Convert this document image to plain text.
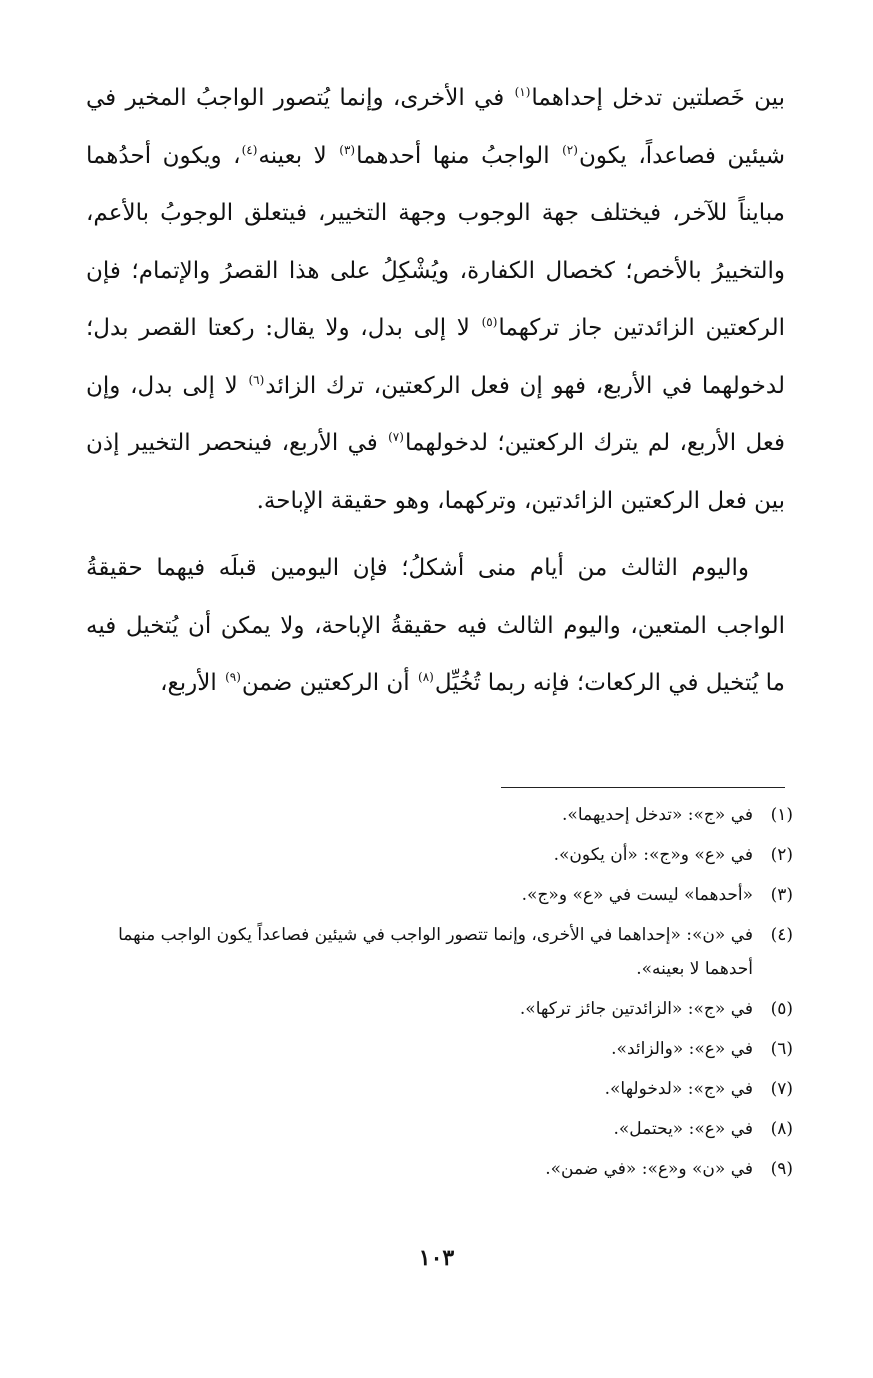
بين خَصلتين تدخل إحداهما$^{(١)}$ في الأخرى، وإنما يُتصور الواجبُ المخير في شيئين فصاعداً، يكون$^{(٢)}$ الواجبُ منها أحدهما$^{(٣)}$ لا بعينه$^{(٤)}$، ويكون أحدُهما مبايناً للآخر، فيختلف جهة الوجوب وجهة التخيير، فيتعلق الوجوبُ بالأعم، والتخييرُ بالأخص؛ كخصال الكفارة، ويُشْكِلُ على هذا القصرُ والإتمام؛ فإن الركعتين الزائدتين جاز تركهما$^{(٥)}$ لا إلى بدل، ولا يقال: ركعتا القصر بدل؛ لدخولهما في الأربع، فهو إن فعل الركعتين، ترك الزائد$^{(٦)}$ لا إلى بدل، وإن فعل الأربع، لم يترك الركعتين؛ لدخولهما$^{(٧)}$ في الأربع، فينحصر التخيير إذن بين فعل الركعتين الزائدتين، وتركهما، وهو حقيقة الإباحة.

واليوم الثالث من أيام منى أشكلُ؛ فإن اليومين قبلَه فيهما حقيقةُ الواجب المتعين، واليوم الثالث فيه حقيقةُ الإباحة، ولا يمكن أن يُتخيل فيه ما يُتخيل في الركعات؛ فإنه ربما تُخُيِّل$^{(٨)}$ أن الركعتين ضمن$^{(٩)}$ الأربع،

(١)
في «ج»: «تدخل إحديهما».
(٢)
في «ع» و«ج»: «أن يكون».
(٣)
«أحدهما» ليست في «ع» و«ج».
(٤)
في «ن»: «إحداهما في الأخرى، وإنما تتصور الواجب في شيئين فصاعداً يكون الواجب منهما أحدهما لا بعينه».
(٥)
في «ج»: «الزائدتين جائز تركها».
(٦)
في «ع»: «والزائد».
(٧)
في «ج»: «لدخولها».
(٨)
في «ع»: «يحتمل».
(٩)
في «ن» و«ع»: «في ضمن».
١٠٣
